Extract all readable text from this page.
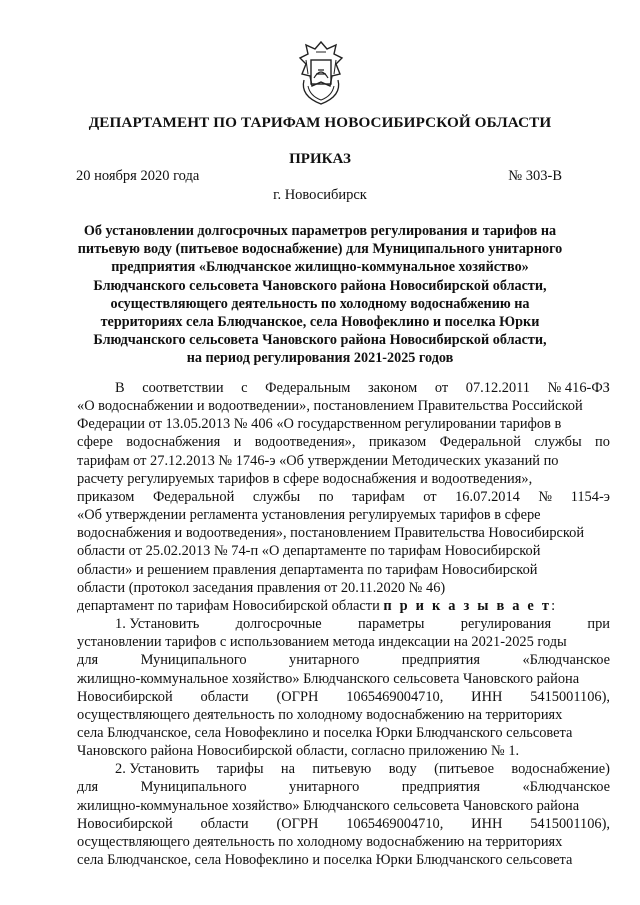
ДЕПАРТАМЕНТ ПО ТАРИФАМ НОВОСИБИРСКОЙ ОБЛАСТИ
ПРИКАЗ
20 ноября 2020 года	№ 303-В
г. Новосибирск
Об установлении долгосрочных параметров регулирования и тарифов на
питьевую воду (питьевое водоснабжение) для Муниципального унитарного
предприятия «Блюдчанское жилищно-коммунальное хозяйство»
Блюдчанского сельсовета Чановского района Новосибирской области,
осуществляющего деятельность по холодному водоснабжению на
территориях села Блюдчанское, села Новофеклино и поселка Юрки
Блюдчанского сельсовета Чановского района Новосибирской области,
на период регулирования 2021-2025 годов
В соответствии с Федеральным законом от 07.12.2011 № 416-ФЗ
«О водоснабжении и водоотведении», постановлением Правительства Российской
Федерации от 13.05.2013 № 406 «О государственном регулировании тарифов в
сфере водоснабжения и водоотведения», приказом Федеральной службы по
тарифам от 27.12.2013 № 1746-э «Об утверждении Методических указаний по
расчету регулируемых тарифов в сфере водоснабжения и водоотведения»,
приказом Федеральной службы по тарифам от 16.07.2014 № 1154-э
«Об утверждении регламента установления регулируемых тарифов в сфере
водоснабжения и водоотведения», постановлением Правительства Новосибирской
области от 25.02.2013 № 74-п «О департаменте по тарифам Новосибирской
области» и решением правления департамента по тарифам Новосибирской
области (протокол заседания правления от 20.11.2020 № 46)
департамент по тарифам Новосибирской области п р и к а з ы в а е т:
1. Установить	долгосрочные	параметры	регулирования	при
установлении тарифов с использованием метода индексации на 2021-2025 годы
для	Муниципального	унитарного	предприятия	«Блюдчанское
жилищно-коммунальное хозяйство» Блюдчанского сельсовета Чановского района
Новосибирской области (ОГРН 1065469004710, ИНН 5415001106),
осуществляющего деятельность по холодному водоснабжению на территориях
села Блюдчанское, села Новофеклино и поселка Юрки Блюдчанского сельсовета
Чановского района Новосибирской области, согласно приложению № 1.
2. Установить тарифы на питьевую воду (питьевое водоснабжение)
для	Муниципального	унитарного	предприятия	«Блюдчанское
жилищно-коммунальное хозяйство» Блюдчанского сельсовета Чановского района
Новосибирской области (ОГРН 1065469004710, ИНН 5415001106),
осуществляющего деятельность по холодному водоснабжению на территориях
села Блюдчанское, села Новофеклино и поселка Юрки Блюдчанского сельсовета
